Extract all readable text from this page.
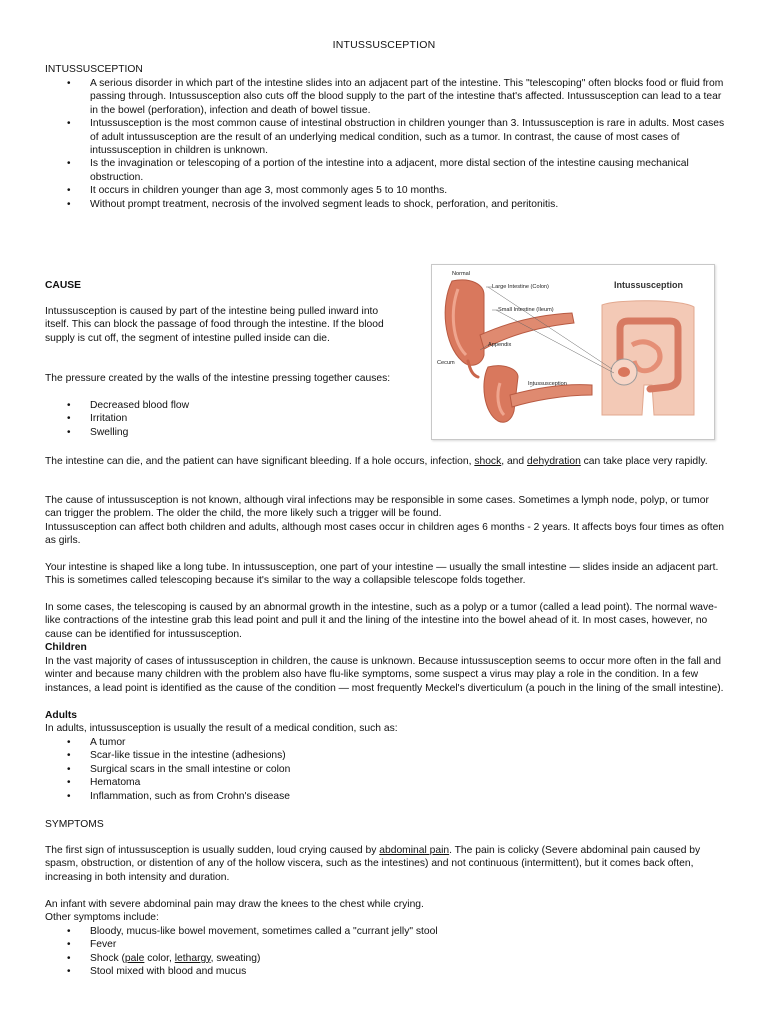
INTUSSUSCEPTION
INTUSSUSCEPTION
• A serious disorder in which part of the intestine slides into an adjacent part of the intestine. This "telescoping" often blocks food or fluid from passing through. Intussusception also cuts off the blood supply to the part of the intestine that's affected. Intussusception can lead to a tear in the bowel (perforation), infection and death of bowel tissue.
• Intussusception is the most common cause of intestinal obstruction in children younger than 3. Intussusception is rare in adults. Most cases of adult intussusception are the result of an underlying medical condition, such as a tumor. In contrast, the cause of most cases of intussusception in children is unknown.
• Is the invagination or telescoping of a portion of the intestine into a adjacent, more distal section of the intestine causing mechanical obstruction.
• It occurs in children younger than age 3, most commonly ages 5 to 10 months.
• Without prompt treatment, necrosis of the involved segment leads to shock, perforation, and peritonitis.
CAUSE

Intussusception is caused by part of the intestine being pulled inward into itself. This can block the passage of food through the intestine. If the blood supply is cut off, the segment of intestine pulled inside can die.

The pressure created by the walls of the intestine pressing together causes:

• Decreased blood flow
• Irritation
• Swelling
Normal
Large Intestine (Colon)
Small Intestine (Ileum)
Appendix
Cecum
Intussusception
Intussusception

The intestine can die, and the patient can have significant bleeding. If a hole occurs, infection, shock, and dehydration can take place very rapidly.

The cause of intussusception is not known, although viral infections may be responsible in some cases. Sometimes a lymph node, polyp, or tumor can trigger the problem. The older the child, the more likely such a trigger will be found.

Intussusception can affect both children and adults, although most cases occur in children ages 6 months - 2 years. It affects boys four times as often as girls.

Your intestine is shaped like a long tube. In intussusception, one part of your intestine — usually the small intestine — slides inside an adjacent part. This is sometimes called telescoping because it's similar to the way a collapsible telescope folds together.

In some cases, the telescoping is caused by an abnormal growth in the intestine, such as a polyp or a tumor (called a lead point). The normal wave-like contractions of the intestine grab this lead point and pull it and the lining of the intestine into the bowel ahead of it. In most cases, however, no cause can be identified for intussusception.

Children

In the vast majority of cases of intussusception in children, the cause is unknown. Because intussusception seems to occur more often in the fall and winter and because many children with the problem also have flu-like symptoms, some suspect a virus may play a role in the condition. In a few instances, a lead point is identified as the cause of the condition — most frequently Meckel's diverticulum (a pouch in the lining of the small intestine).

Adults

In adults, intussusception is usually the result of a medical condition, such as:

• A tumor
• Scar-like tissue in the intestine (adhesions)
• Surgical scars in the small intestine or colon
• Hematoma
• Inflammation, such as from Crohn's disease
SYMPTOMS

The first sign of intussusception is usually sudden, loud crying caused by abdominal pain. The pain is colicky (Severe abdominal pain caused by spasm, obstruction, or distention of any of the hollow viscera, such as the intestines) and not continuous (intermittent), but it comes back often, increasing in both intensity and duration.

An infant with severe abdominal pain may draw the knees to the chest while crying.

Other symptoms include:

• Bloody, mucus-like bowel movement, sometimes called a "currant jelly" stool
• Fever
• Shock (pale color, lethargy, sweating)
• Stool mixed with blood and mucus
